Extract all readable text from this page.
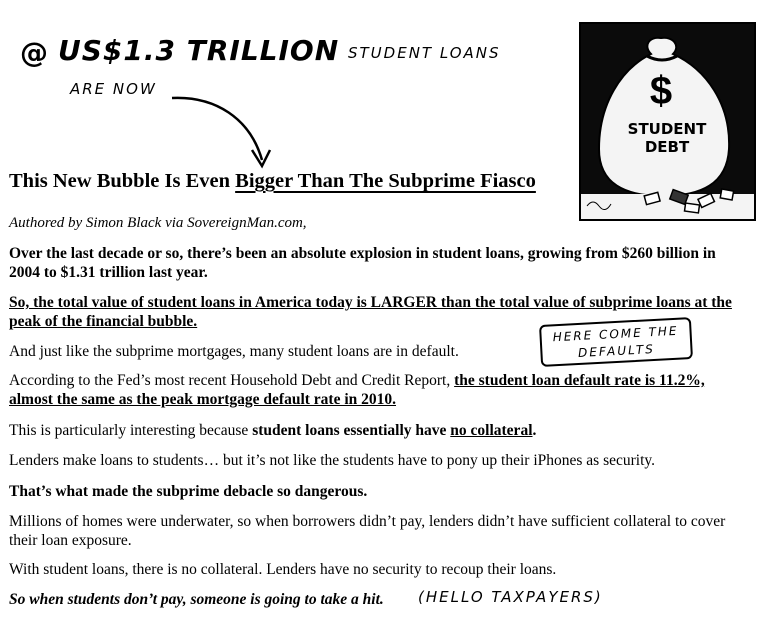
@ US$1.3 TRILLION STUDENT LOANS
ARE NOW	$
STUDENT
DEBT
This New Bubble Is Even Bigger Than The Subprime Fiasco

Authored by Simon Black via SovereignMan.com,

Over the last decade or so, there’s been an absolute explosion in student loans, growing from $260 billion in 2004 to $1.31 trillion last year.

So, the total value of student loans in America today is LARGER than the total value of subprime loans at the peak of the financial bubble.

And just like the subprime mortgages, many student loans are in default.

HERE COME THE
DEFAULTS

According to the Fed’s most recent Household Debt and Credit Report, the student loan default rate is 11.2%, almost the same as the peak mortgage default rate in 2010.

This is particularly interesting because student loans essentially have no collateral.

Lenders make loans to students… but it’s not like the students have to pony up their iPhones as security.

That’s what made the subprime debacle so dangerous.

Millions of homes were underwater, so when borrowers didn’t pay, lenders didn’t have sufficient collateral to cover their loan exposure.

With student loans, there is no collateral. Lenders have no security to recoup their loans.

So when students don’t pay, someone is going to take a hit.	(HELLO TAXPAYERS)
